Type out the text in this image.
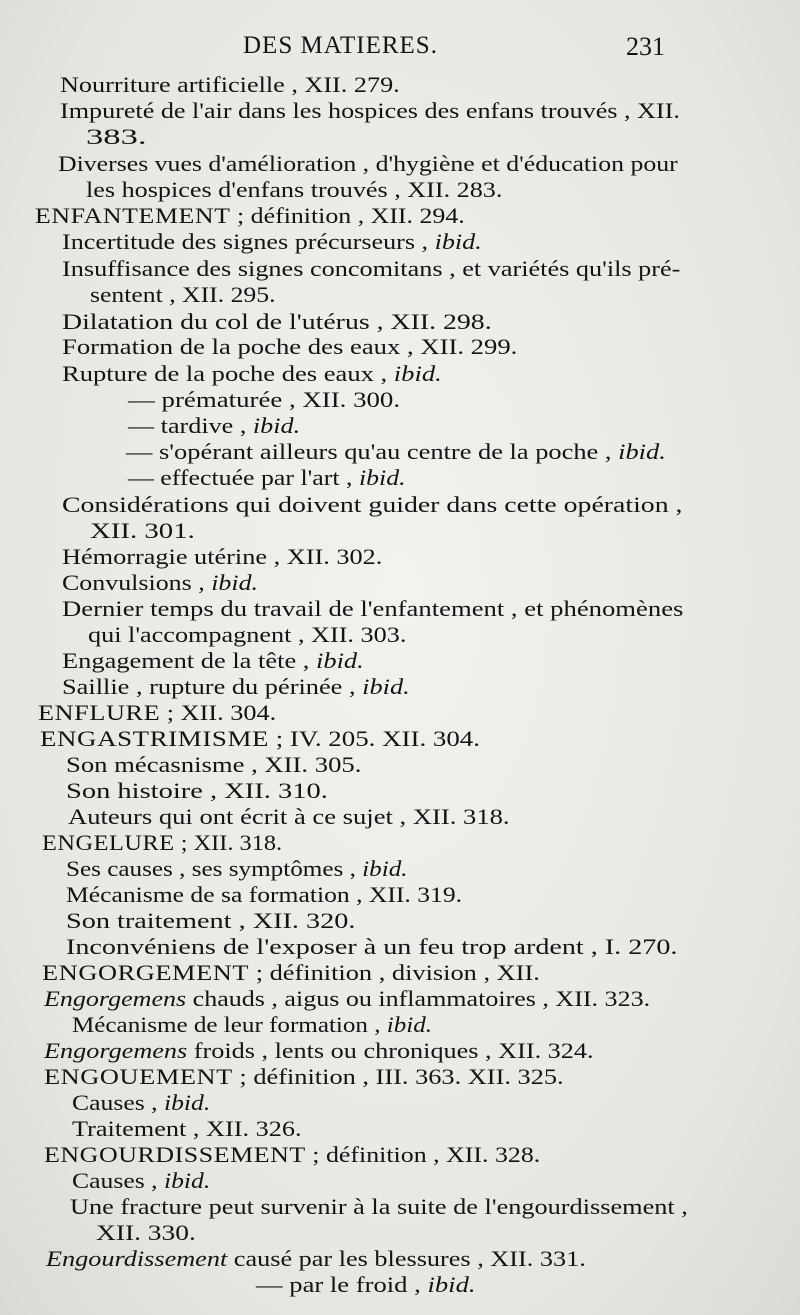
DES MATIERES.	231
Nourriture artificielle , XII. 279.
Impureté de l'air dans les hospices des enfans trouvés , XII.
383.
Diverses vues d'amélioration , d'hygiène et d'éducation pour
les hospices d'enfans trouvés , XII. 283.
ENFANTEMENT ; définition , XII. 294.
Incertitude des signes précurseurs , ibid.
Insuffisance des signes concomitans , et variétés qu'ils pré-
sentent , XII. 295.
Dilatation du col de l'utérus , XII. 298.
Formation de la poche des eaux , XII. 299.
Rupture de la poche des eaux , ibid.
— prématurée , XII. 300.
— tardive , ibid.
— s'opérant ailleurs qu'au centre de la poche , ibid.
— effectuée par l'art , ibid.
Considérations qui doivent guider dans cette opération ,
XII. 301.
Hémorragie utérine , XII. 302.
Convulsions , ibid.
Dernier temps du travail de l'enfantement , et phénomènes
qui l'accompagnent , XII. 303.
Engagement de la tête , ibid.
Saillie , rupture du périnée , ibid.
ENFLURE ; XII. 304.
ENGASTRIMISME ; IV. 205. XII. 304.
Son mécasnisme , XII. 305.
Son histoire , XII. 310.
Auteurs qui ont écrit à ce sujet , XII. 318.
ENGELURE ; XII. 318.
Ses causes , ses symptômes , ibid.
Mécanisme de sa formation , XII. 319.
Son traitement , XII. 320.
Inconvéniens de l'exposer à un feu trop ardent , I. 270.
ENGORGEMENT ; définition , division , XII.
Engorgemens chauds , aigus ou inflammatoires , XII. 323.
Mécanisme de leur formation , ibid.
Engorgemens froids , lents ou chroniques , XII. 324.
ENGOUEMENT ; définition , III. 363. XII. 325.
Causes , ibid.
Traitement , XII. 326.
ENGOURDISSEMENT ; définition , XII. 328.
Causes , ibid.
Une fracture peut survenir à la suite de l'engourdissement ,
XII. 330.
Engourdissement causé par les blessures , XII. 331.
— par le froid , ibid.
